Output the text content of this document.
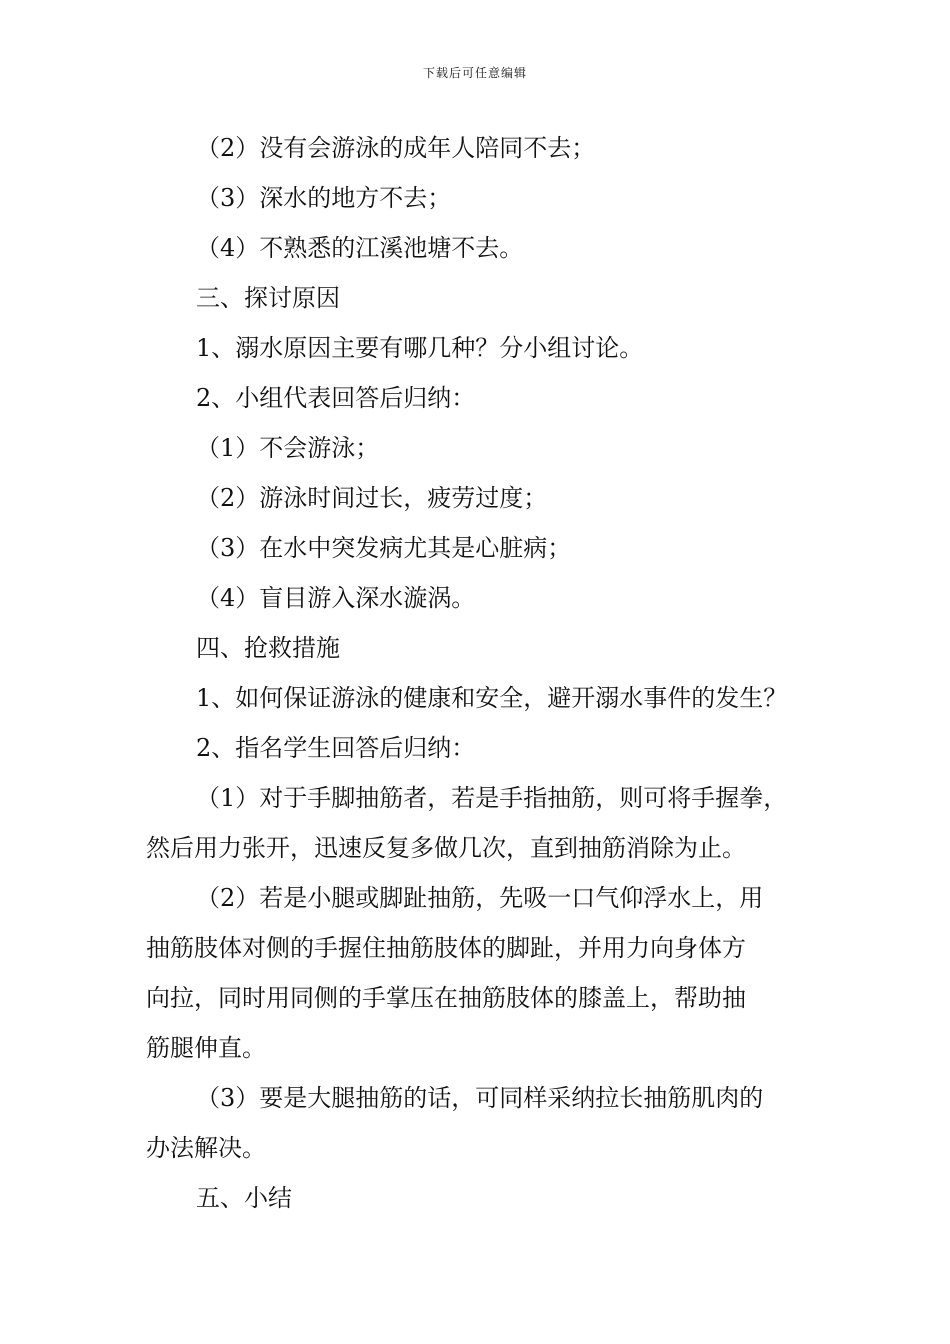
下载后可任意编辑
（2）没有会游泳的成年人陪同不去；
（3）深水的地方不去；
（4）不熟悉的江溪池塘不去。
三、探讨原因
1、溺水原因主要有哪几种？分小组讨论。
2、小组代表回答后归纳：
（1）不会游泳；
（2）游泳时间过长，疲劳过度；
（3）在水中突发病尤其是心脏病；
（4）盲目游入深水漩涡。
四、抢救措施
1、如何保证游泳的健康和安全，避开溺水事件的发生？
2、指名学生回答后归纳：
（1）对于手脚抽筋者，若是手指抽筋，则可将手握拳，
然后用力张开，迅速反复多做几次，直到抽筋消除为止。
（2）若是小腿或脚趾抽筋，先吸一口气仰浮水上，用
抽筋肢体对侧的手握住抽筋肢体的脚趾，并用力向身体方
向拉，同时用同侧的手掌压在抽筋肢体的膝盖上，帮助抽
筋腿伸直。
（3）要是大腿抽筋的话，可同样采纳拉长抽筋肌肉的
办法解决。
五、小结
